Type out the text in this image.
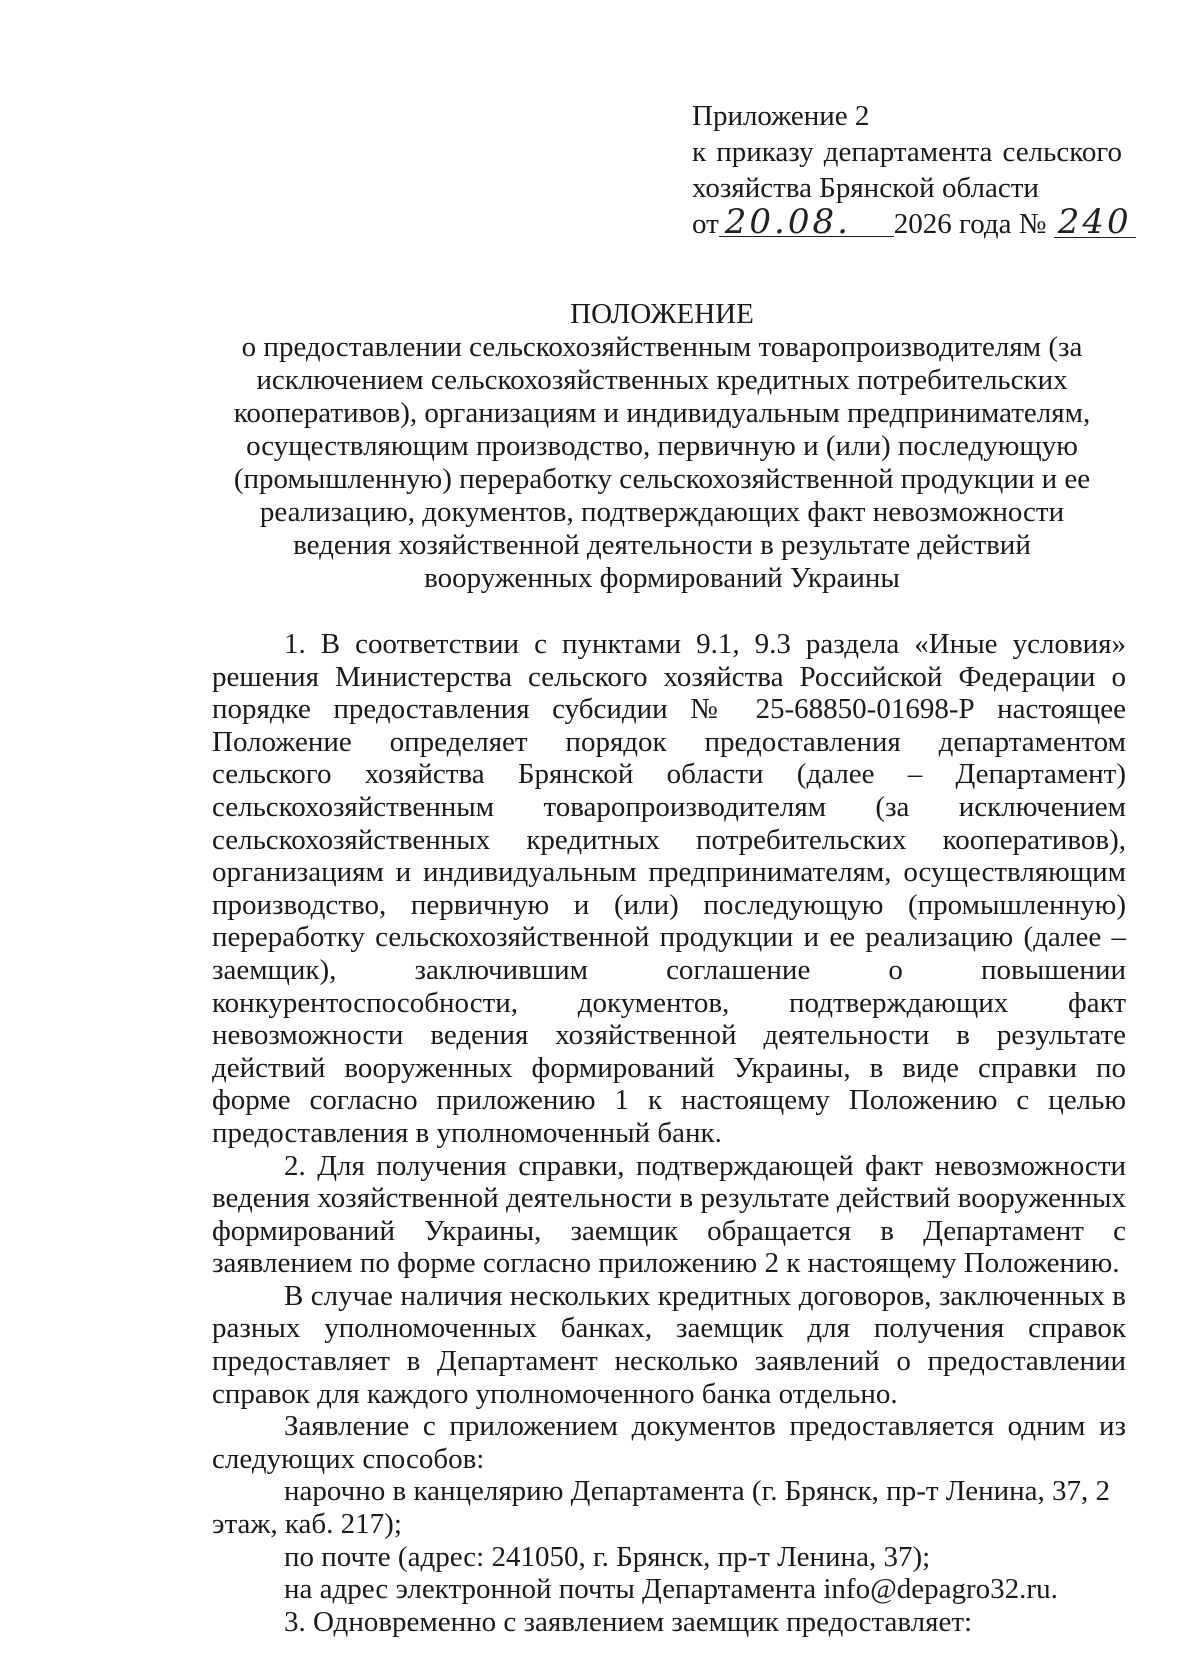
Приложение 2
к приказу департамента сельского
хозяйства Брянской области
от 20.08. 2026 года № 240
ПОЛОЖЕНИЕ
о предоставлении сельскохозяйственным товаропроизводителям (за исключением сельскохозяйственных кредитных потребительских кооперативов), организациям и индивидуальным предпринимателям, осуществляющим производство, первичную и (или) последующую (промышленную) переработку сельскохозяйственной продукции и ее реализацию, документов, подтверждающих факт невозможности ведения хозяйственной деятельности в результате действий вооруженных формирований Украины

1. В соответствии с пунктами 9.1, 9.3 раздела «Иные условия» решения Министерства сельского хозяйства Российской Федерации о порядке предоставления субсидии № 25-68850-01698-Р настоящее Положение определяет порядок предоставления департаментом сельского хозяйства Брянской области (далее – Департамент) сельскохозяйственным товаропроизводителям (за исключением сельскохозяйственных кредитных потребительских кооперативов), организациям и индивидуальным предпринимателям, осуществляющим производство, первичную и (или) последующую (промышленную) переработку сельскохозяйственной продукции и ее реализацию (далее – заемщик), заключившим соглашение о повышении конкурентоспособности, документов, подтверждающих факт невозможности ведения хозяйственной деятельности в результате действий вооруженных формирований Украины, в виде справки по форме согласно приложению 1 к настоящему Положению с целью предоставления в уполномоченный банк.

2. Для получения справки, подтверждающей факт невозможности ведения хозяйственной деятельности в результате действий вооруженных формирований Украины, заемщик обращается в Департамент с заявлением по форме согласно приложению 2 к настоящему Положению.

В случае наличия нескольких кредитных договоров, заключенных в разных уполномоченных банках, заемщик для получения справок предоставляет в Департамент несколько заявлений о предоставлении справок для каждого уполномоченного банка отдельно.

Заявление с приложением документов предоставляется одним из следующих способов:

нарочно в канцелярию Департамента (г. Брянск, пр-т Ленина, 37, 2 этаж, каб. 217);

по почте (адрес: 241050, г. Брянск, пр-т Ленина, 37);

на адрес электронной почты Департамента info@depagro32.ru.

3. Одновременно с заявлением заемщик предоставляет:
